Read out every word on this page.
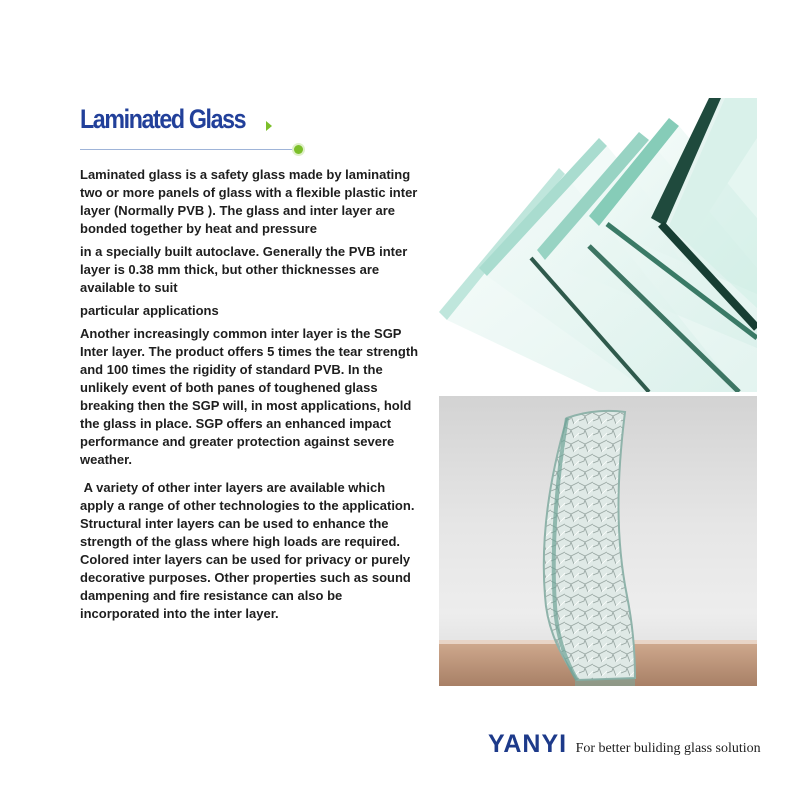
Laminated Glass

Laminated glass is a safety glass made by laminating two or more panels of glass with a flexible plastic inter layer (Normally PVB ). The glass and inter layer are bonded together by heat and pressure

in a specially built autoclave. Generally the PVB inter layer is 0.38 mm thick, but other thicknesses are available to suit

particular applications

Another increasingly common inter layer is the SGP Inter layer. The product offers 5 times the tear strength and 100 times the rigidity of standard PVB. In the unlikely event of both panes of toughened glass breaking then the SGP will, in most applications, hold the glass in place. SGP offers an enhanced impact performance and greater protection against severe weather.

A variety of other inter layers are available which apply a range of other technologies to the application. Structural inter layers can be used to enhance the strength of the glass where high loads are required. Colored inter layers can be used for privacy or purely decorative purposes. Other properties such as sound dampening and fire resistance can also be incorporated into the inter layer.

YANYI For better buliding glass solution
